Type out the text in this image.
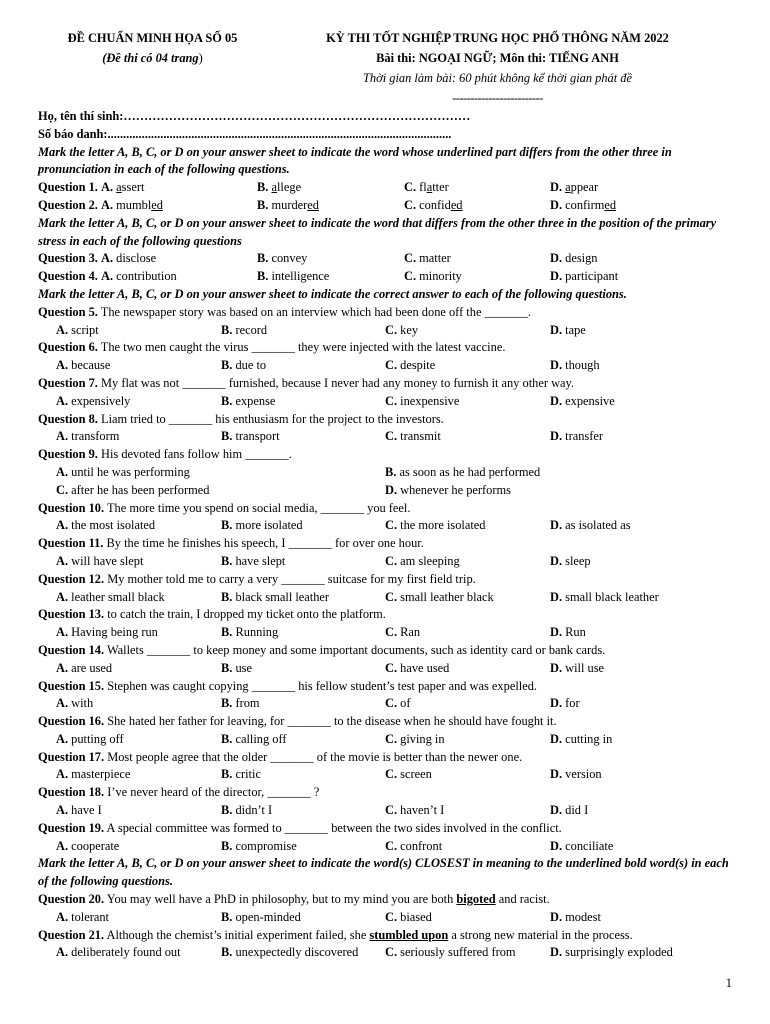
ĐỀ CHUẨN MINH HỌA SỐ 05
(Đề thi có 04 trang)
KỲ THI TỐT NGHIỆP TRUNG HỌC PHỔ THÔNG NĂM 2022
Bài thi: NGOẠI NGỮ; Môn thi: TIẾNG ANH
Thời gian làm bài: 60 phút không kể thời gian phát đề
-------------------------
Họ, tên thí sinh:…………………………………………………………………………
Số báo danh:...............................................................................................................
Mark the letter A, B, C, or D on your answer sheet to indicate the word whose underlined part differs from the other three in pronunciation in each of the following questions.
Question 1. A. assert	B. allege	C. flatter	D. appear
Question 2. A. mumbled	B. murdered	C. confided	D. confirmed
Mark the letter A, B, C, or D on your answer sheet to indicate the word that differs from the other three in the position of the primary stress in each of the following questions
Question 3. A. disclose	B. convey	C. matter	D. design
Question 4. A. contribution	B. intelligence	C. minority	D. participant
Mark the letter A, B, C, or D on your answer sheet to indicate the correct answer to each of the following questions.
Question 5. The newspaper story was based on an interview which had been done off the _______.
A. script	B. record	C. key	D. tape
Question 6. The two men caught the virus _______ they were injected with the latest vaccine.
A. because	B. due to	C. despite	D. though
Question 7. My flat was not _______ furnished, because I never had any money to furnish it any other way.
A. expensively	B. expense	C. inexpensive	D. expensive
Question 8. Liam tried to _______ his enthusiasm for the project to the investors.
A. transform	B. transport	C. transmit	D. transfer
Question 9. His devoted fans follow him _______.
A. until he was performing	B. as soon as he had performed
C. after he has been performed	D. whenever he performs
Question 10. The more time you spend on social media, _______ you feel.
A. the most isolated	B. more isolated	C. the more isolated	D. as isolated as
Question 11. By the time he finishes his speech, I _______ for over one hour.
A. will have slept	B. have slept	C. am sleeping	D. sleep
Question 12. My mother told me to carry a very _______ suitcase for my first field trip.
A. leather small black	B. black small leather	C. small leather black	D. small black leather
Question 13. to catch the train, I dropped my ticket onto the platform.
A. Having being run	B. Running	C. Ran	D. Run
Question 14. Wallets _______ to keep money and some important documents, such as identity card or bank cards.
A. are used	B. use	C. have used	D. will use
Question 15. Stephen was caught copying _______ his fellow student’s test paper and was expelled.
A. with	B. from	C. of	D. for
Question 16. She hated her father for leaving, for _______ to the disease when he should have fought it.
A. putting off	B. calling off	C. giving in	D. cutting in
Question 17. Most people agree that the older _______ of the movie is better than the newer one.
A. masterpiece	B. critic	C. screen	D. version
Question 18. I’ve never heard of the director, _______ ?
A. have I	B. didn’t I	C. haven’t I	D. did I
Question 19. A special committee was formed to _______ between the two sides involved in the conflict.
A. cooperate	B. compromise	C. confront	D. conciliate
Mark the letter A, B, C, or D on your answer sheet to indicate the word(s) CLOSEST in meaning to the underlined bold word(s) in each of the following questions.
Question 20. You may well have a PhD in philosophy, but to my mind you are both bigoted and racist.
A. tolerant	B. open-minded	C. biased	D. modest
Question 21. Although the chemist’s initial experiment failed, she stumbled upon a strong new material in the process.
A. deliberately found out	B. unexpectedly discovered C. seriously suffered from	D. surprisingly exploded
1
